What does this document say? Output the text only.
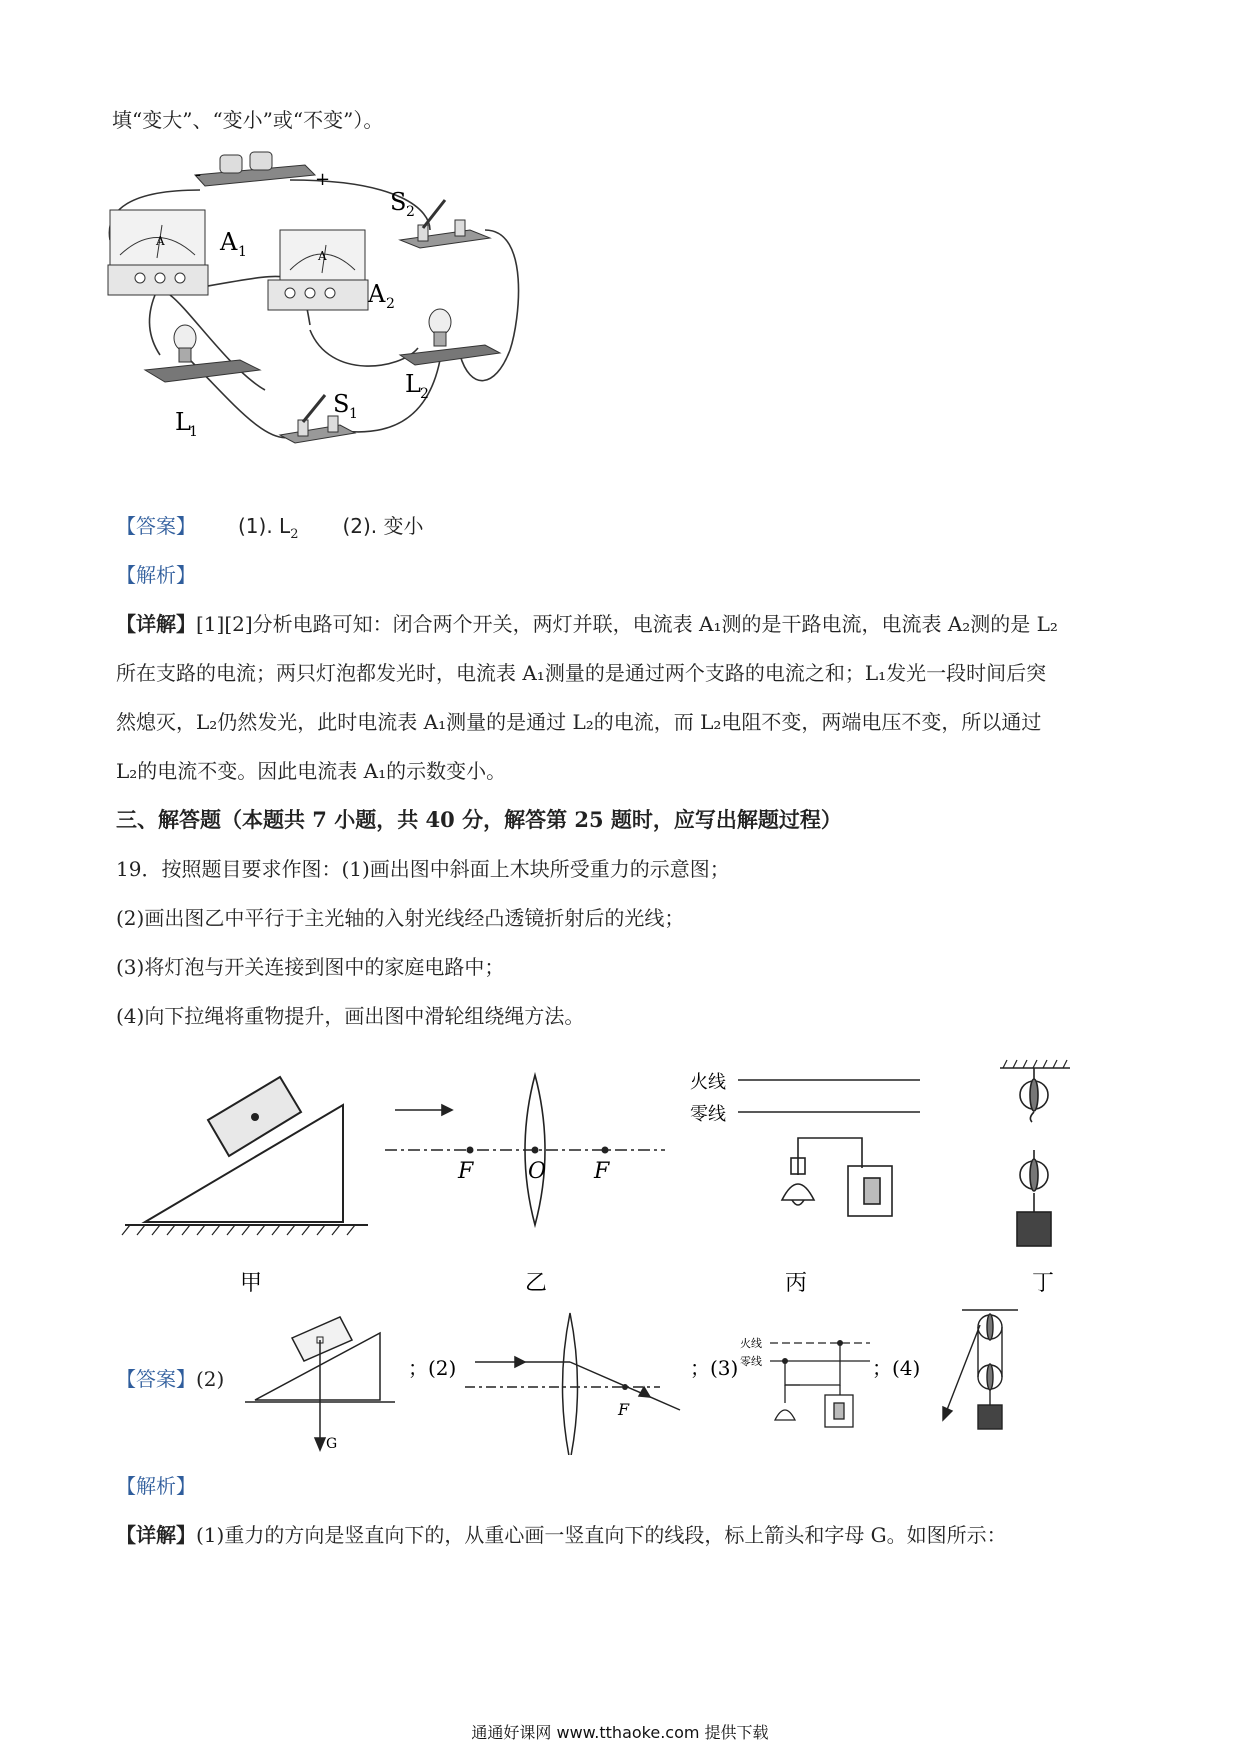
填“变大”、“变小”或“不变”）。
-	+
A A 1
S 2
A
A 2
L
1
L 2
S 1
【答案】 (1). $L_2$ (2). 变小
【解析】
【详解】[1][2]分析电路可知：闭合两个开关，两灯并联，电流表 A₁测的是干路电流，电流表 A₂测的是 L₂
所在支路的电流；两只灯泡都发光时，电流表 A₁测量的是通过两个支路的电流之和；L₁发光一段时间后突
然熄灭，L₂仍然发光，此时电流表 A₁测量的是通过 L₂的电流，而 L₂电阻不变，两端电压不变，所以通过
L₂的电流不变。因此电流表 A₁的示数变小。
三、解答题（本题共 7 小题，共 40 分，解答第 25 题时，应写出解题过程）
19．按照题目要求作图：(1)画出图中斜面上木块所受重力的示意图；
(2)画出图乙中平行于主光轴的入射光线经凸透镜折射后的光线；
(3)将灯泡与开关连接到图中的家庭电路中；
(4)向下拉绳将重物提升，画出图中滑轮组绕绳方法。
F O F
火线
零线
甲	乙	丙	丁
【答案】(2)
G
；(2)
F
；(3)
火线
零线	；(4)
【解析】
【详解】(1)重力的方向是竖直向下的，从重心画一竖直向下的线段，标上箭头和字母 G。如图所示：
通通好课网 www.tthaoke.com 提供下载
